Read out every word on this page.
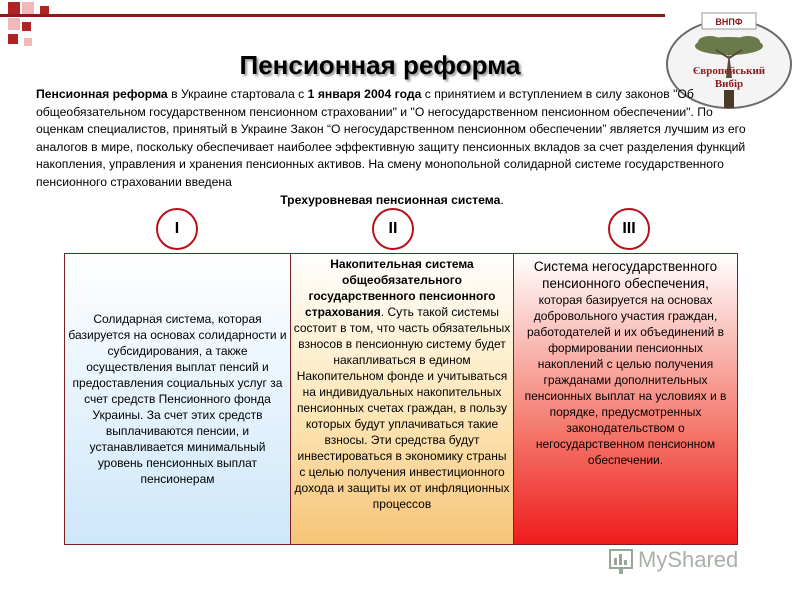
Пенсионная реформа
ВНПФ
Європейський
Вибір
Пенсионная реформа в Украине стартовала с 1 января 2004 года с принятием и вступлением в силу законов "Об общеобязательном государственном пенсионном страховании" и "О негосударственном пенсионном обеспечении". По оценкам специалистов, принятый в Украине Закон “О негосударственном пенсионном обеспечении” является лучшим из его аналогов в мире, поскольку обеспечивает наиболее эффективную защиту пенсионных вкладов за счет разделения функций накопления, управления и хранения пенсионных активов. На смену монопольной солидарной системе государственного пенсионного страховании введена
Трехуровневая пенсионная система.
I	II	III
Солидарная система, которая базируется на основах солидарности и субсидирования, а также осуществления выплат пенсий и предоставления социальных услуг за счет средств Пенсионного фонда Украины. За счет этих средств выплачиваются пенсии, и устанавливается минимальный уровень пенсионных выплат пенсионерам
Накопительная система общеобязательного государственного пенсионного страхования. Суть такой системы состоит в том, что часть обязательных взносов в пенсионную систему будет накапливаться в едином Накопительном фонде и учитываться на индивидуальных накопительных пенсионных счетах граждан, в пользу которых будут уплачиваться такие взносы. Эти средства будут инвестироваться в экономику страны с целью получения инвестиционного дохода и защиты их от инфляционных процессов
Система негосударственного пенсионного обеспечения,
которая базируется на основах добровольного участия граждан, работодателей и их объединений в формировании пенсионных накоплений с целью получения гражданами дополнительных пенсионных выплат на условиях и в порядке, предусмотренных законодательством о негосударственном пенсионном обеспечении.
MyShared
